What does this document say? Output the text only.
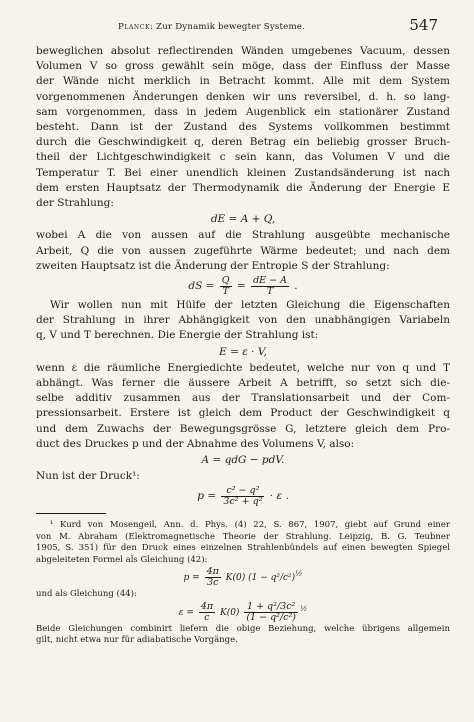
Planck: Zur Dynamik bewegter Systeme.	547
beweglichen absolut reflectirenden Wänden umgebenes Vacuum, dessen
Volumen V so gross gewählt sein möge, dass der Einfluss der Masse
der Wände nicht merklich in Betracht kommt. Alle mit dem System
vorgenommenen Änderungen denken wir uns reversibel, d. h. so lang-
sam vorgenommen, dass in jedem Augenblick ein stationärer Zustand
besteht. Dann ist der Zustand des Systems vollkommen bestimmt
durch die Geschwindigkeit q, deren Betrag ein beliebig grosser Bruch-
theil der Lichtgeschwindigkeit c sein kann, das Volumen V und die
Temperatur T. Bei einer unendlich kleinen Zustandsänderung ist nach
dem ersten Hauptsatz der Thermodynamik die Änderung der Energie E
der Strahlung:
dE = A + Q,
wobei A die von aussen auf die Strahlung ausgeübte mechanische
Arbeit, Q die von aussen zugeführte Wärme bedeutet; und nach dem
zweiten Hauptsatz ist die Änderung der Entropie S der Strahlung:
dS = $\frac{Q}{T} = \frac{dE - A}{T}$ .
Wir wollen nun mit Hülfe der letzten Gleichung die Eigenschaften
der Strahlung in ihrer Abhängigkeit von den unabhängigen Variabeln
q, V und T berechnen. Die Energie der Strahlung ist:
E = ε · V,
wenn ε die räumliche Energiedichte bedeutet, welche nur von q und T
abhängt. Was ferner die äussere Arbeit A betrifft, so setzt sich die-
selbe additiv zusammen aus der Translationsarbeit und der Com-
pressionsarbeit. Erstere ist gleich dem Product der Geschwindigkeit q
und dem Zuwachs der Bewegungsgrösse G, letztere gleich dem Pro-
duct des Druckes p und der Abnahme des Volumens V, also:
A = qdG − pdV.
Nun ist der Druck¹:
$p = \frac{\text{c² − q²}}{\text{3c² + q²}} \cdot \varepsilon$ .
¹ Kurd von Mosengeil, Ann. d. Phys. (4) 22, S. 867, 1907, giebt auf Grund einer
von M. Abraham (Elektromagnetische Theorie der Strahlung. Leipzig, B. G. Teubner
1905, S. 351) für den Druck eines einzelnen Strahlenbündels auf einen bewegten Spiegel
abgeleiteten Formel als Gleichung (42):
$p = \frac{4\pi}{3c} K(0) (1 - q^2/c^2)^{\frac{1}{2}}$
und als Gleichung (44):
$\varepsilon = \frac{4\pi}{c} K(0) \frac{\text{1 + q²/3c²}}{\text{(1 − q²/c²)}} ^{\frac{1}{2}}$
Beide Gleichungen combinirt liefern die obige Beziehung, welche übrigens allgemein
gilt, nicht etwa nur für adiabatische Vorgänge.
